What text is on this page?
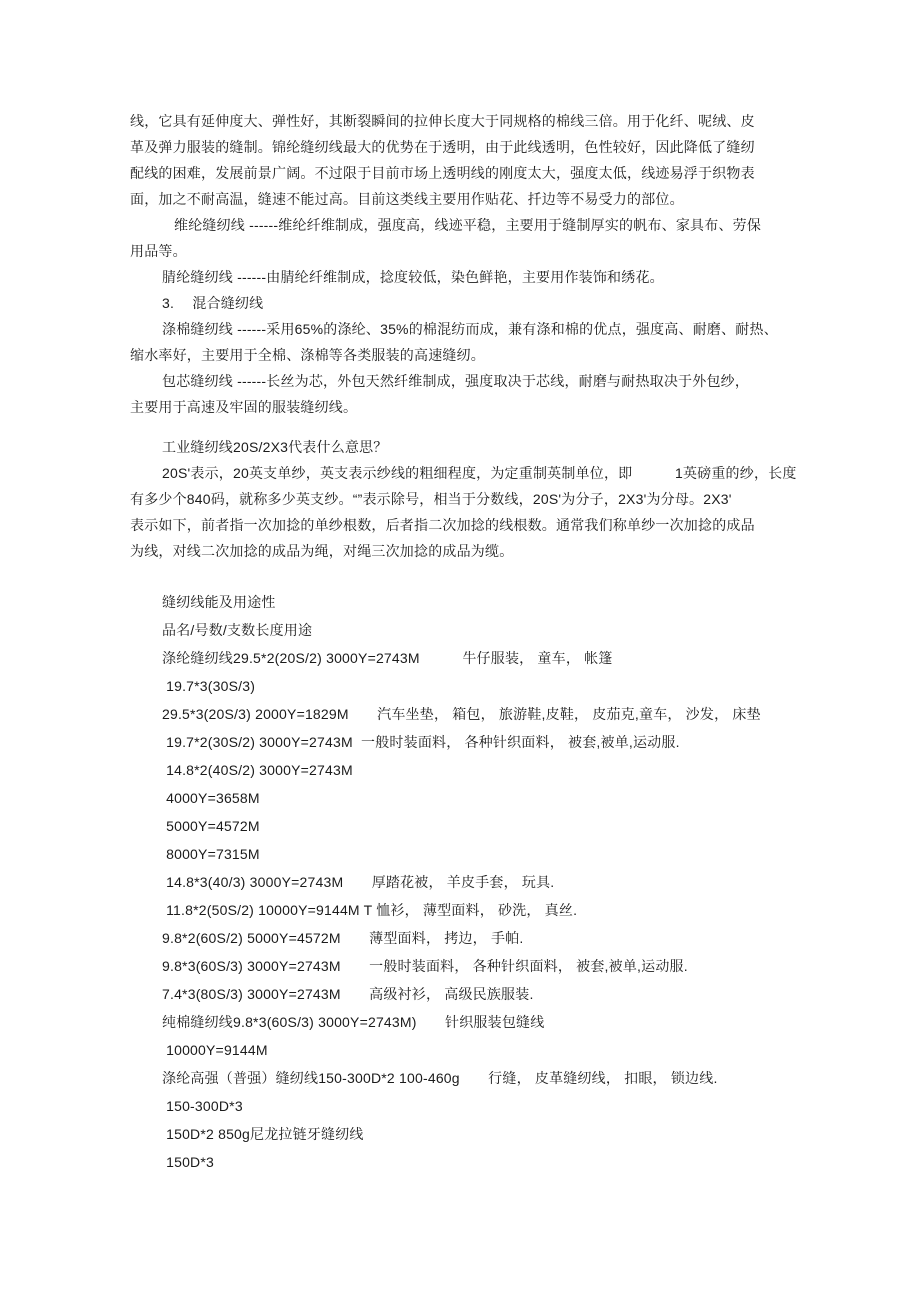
线，它具有延伸度大、弹性好，其断裂瞬间的拉伸长度大于同规格的棉线三倍。用于化纤、呢绒、皮
革及弹力服装的缝制。锦纶缝纫线最大的优势在于透明，由于此线透明，色性较好，因此降低了缝纫
配线的困难，发展前景广阔。不过限于目前市场上透明线的刚度太大，强度太低，线迹易浮于织物表
面，加之不耐高温，缝速不能过高。目前这类线主要用作贴花、扦边等不易受力的部位。
维纶缝纫线 ------维纶纤维制成，强度高，线迹平稳，主要用于缝制厚实的帆布、家具布、劳保
用品等。
腈纶缝纫线 ------由腈纶纤维制成，捻度较低，染色鲜艳，主要用作装饰和绣花。
3.　 混合缝纫线
涤棉缝纫线 ------采用65%的涤纶、35%的棉混纺而成，兼有涤和棉的优点，强度高、耐磨、耐热、
缩水率好，主要用于全棉、涤棉等各类服装的高速缝纫。
包芯缝纫线 ------长丝为芯，外包天然纤维制成，强度取决于芯线，耐磨与耐热取决于外包纱，
主要用于高速及牢固的服装缝纫线。
工业缝纫线20S/2X3代表什么意思？
20S'表示，20英支单纱，英支表示纱线的粗细程度，为定重制英制单位，即　　　1英磅重的纱，长度
有多少个840码，就称多少英支纱。“”表示除号，相当于分数线，20S'为分子，2X3'为分母。2X3'
表示如下，前者指一次加捻的单纱根数，后者指二次加捻的线根数。通常我们称单纱一次加捻的成品
为线，对线二次加捻的成品为绳，对绳三次加捻的成品为缆。
缝纫线能及用途性
品名/号数/支数长度用途
涤纶缝纫线29.5*2(20S/2) 3000Y=2743M　　　牛仔服装， 童车， 帐篷
19.7*3(30S/3)
29.5*3(20S/3) 2000Y=1829M　　汽车坐垫， 箱包， 旅游鞋,皮鞋， 皮茄克,童车， 沙发， 床垫
19.7*2(30S/2) 3000Y=2743M  一般时装面料， 各种针织面料， 被套,被单,运动服.
14.8*2(40S/2) 3000Y=2743M
4000Y=3658M
5000Y=4572M
8000Y=7315M
14.8*3(40/3) 3000Y=2743M　　厚踏花被， 羊皮手套， 玩具.
11.8*2(50S/2) 10000Y=9144M T 恤衫， 薄型面料， 砂洗， 真丝.
9.8*2(60S/2) 5000Y=4572M　　薄型面料， 拷边， 手帕.
9.8*3(60S/3) 3000Y=2743M　　一般时装面料， 各种针织面料， 被套,被单,运动服.
7.4*3(80S/3) 3000Y=2743M　　高级衬衫， 高级民族服装.
纯棉缝纫线9.8*3(60S/3) 3000Y=2743M)　　针织服装包缝线
10000Y=9144M
涤纶高强（普强）缝纫线150-300D*2 100-460g　　行缝， 皮革缝纫线， 扣眼， 锁边线.
150-300D*3
150D*2 850g尼龙拉链牙缝纫线
150D*3
